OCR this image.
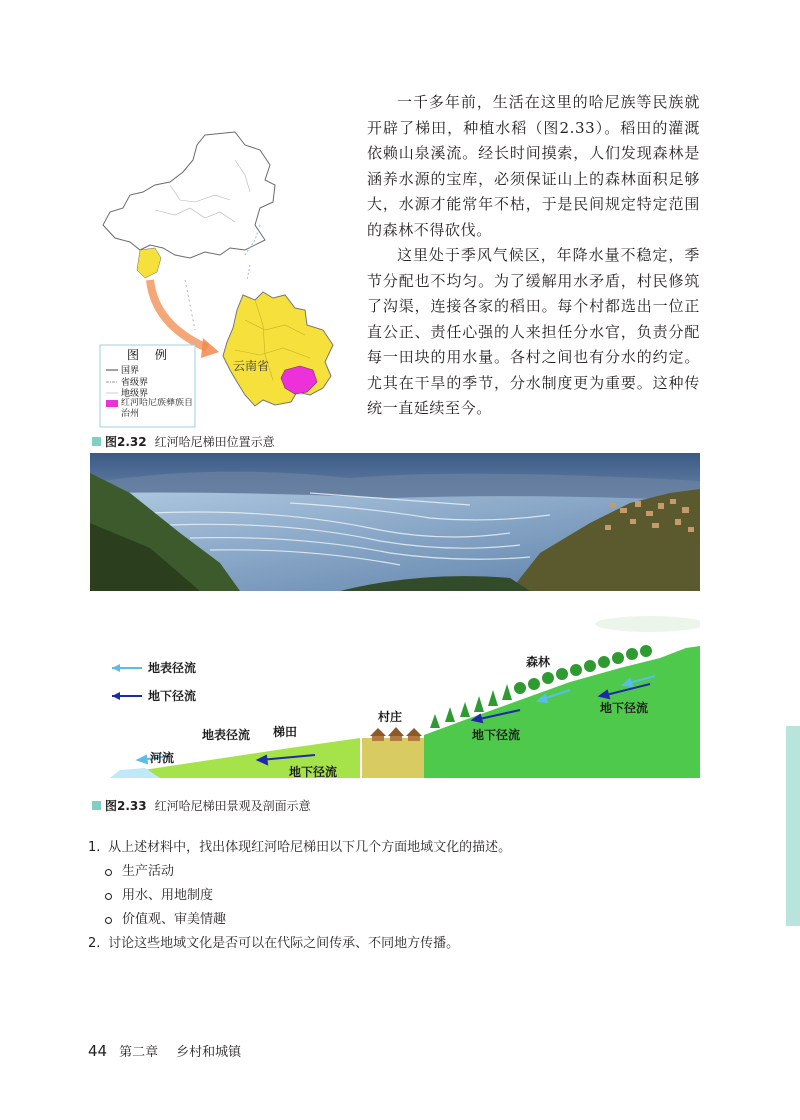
一千多年前，生活在这里的哈尼族等民族就开辟了梯田，种植水稻（图2.33）。稻田的灌溉依赖山泉溪流。经长时间摸索，人们发现森林是涵养水源的宝库，必须保证山上的森林面积足够大，水源才能常年不枯，于是民间规定特定范围的森林不得砍伐。

这里处于季风气候区，年降水量不稳定，季节分配也不均匀。为了缓解用水矛盾，村民修筑了沟渠，连接各家的稻田。每个村都选出一位正直公正、责任心强的人来担任分水官，负责分配每一田块的用水量。各村之间也有分水的约定。尤其在干旱的季节，分水制度更为重要。这种传统一直延续至今。

云南省
图 例
国界
省级界
地级界
红河哈尼族彝族自治州
图2.32 红河哈尼梯田位置示意
地表径流
地下径流
河流
地表径流 梯田
地下径流
村庄
地下径流
森林
地下径流
图2.33 红河哈尼梯田景观及剖面示意
1. 从上述材料中，找出体现红河哈尼梯田以下几个方面地域文化的描述。
生产活动
用水、用地制度
价值观、审美情趣
2. 讨论这些地域文化是否可以在代际之间传承、不同地方传播。
44 第二章 乡村和城镇
